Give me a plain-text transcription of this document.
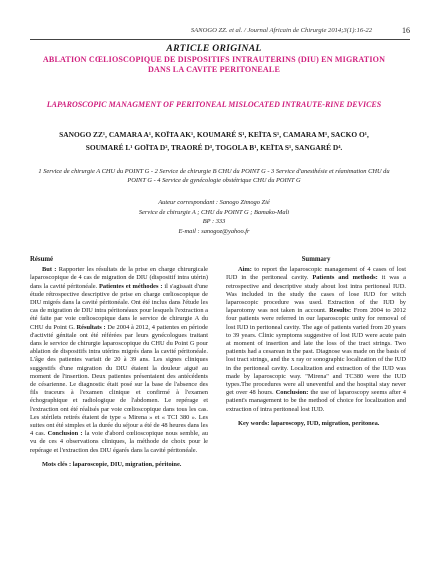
SANOGO ZZ. et al. / Journal Africain de Chirurgie 2014;3(1):16-22	16
ARTICLE ORIGINAL
ABLATION CŒLIOSCOPIQUE DE DISPOSITIFS INTRAUTERINS (DIU) EN MIGRATION DANS LA CAVITE PERITONEALE
LAPAROSCOPIC MANAGMENT OF PERITONEAL MISLOCATED INTRAUTE-RINE DEVICES
SANOGO ZZ¹, CAMARA A¹, KOÏTA AK¹, KOUMARÉ S¹, KEÏTA S¹, CAMARA M¹, SACKO O¹,
SOUMARÉ L¹ GOÏTA D², TRAORÉ D³, TOGOLA B¹, KEÏTA S¹, SANGARÉ D⁴.
1 Service de chirurgie A CHU du POINT G - 2 Service de chirurgie B CHU du POINT G - 3 Service d'anesthésie et réanimation CHU du POINT G - 4 Service de gynécologie obstétrique CHU du POINT G
Auteur correspondant : Sanogo Zimogo Zié
Service de chirurgie A ; CHU du POINT G ; Bamako-Mali
BP : 333
E-mail : sanogoz@yahoo.fr
Résumé

But : Rapporter les résultats de la prise en charge chirurgicale laparoscopique de 4 cas de migration de DIU (dispositif intra utérin) dans la cavité péritonéale. Patientes et méthodes : il s'agissait d'une étude rétrospective descriptive de prise en charge cœlioscopique de DIU migrés dans la cavité péritonéale. Ont été inclus dans l'étude les cas de migration de DIU intra péritonéaux pour lesquels l'extraction a été faite par voie cœlioscopique dans le service de chirurgie A du CHU du Point G. Résultats : De 2004 à 2012, 4 patientes en période d'activité génitale ont été référées par leurs gynécologues traitant dans le service de chirurgie laparoscopique du CHU du Point G pour ablation de dispositifs intra utérins migrés dans la cavité péritonéale. L'âge des patientes variait de 20 à 39 ans. Les signes cliniques suggestifs d'une migration du DIU étaient la douleur aiguë au moment de l'insertion. Deux patientes présentaient des antécédents de césarienne. Le diagnostic était posé sur la base de l'absence des fils traceurs à l'examen clinique et confirmé à l'examen échographique et radiologique de l'abdomen. Le repérage et l'extraction ont été réalisés par voie cœlioscopique dans tous les cas. Les stérilets retirés étaient de type « Mirena » et « TCI 380 ». Les suites ont été simples et la durée du séjour a été de 48 heures dans les 4 cas. Conclusion : la voie d'abord cœlioscopique nous semble, au vu de ces 4 observations cliniques, la méthode de choix pour le repérage et l'extraction des DIU égarés dans la cavité péritonéale.

Mots clés : laparoscopie, DIU, migration, péritoine.
Summary

Aim: to report the laparoscopic management of 4 cases of lost IUD in the peritoneal cavity. Patients and methods: it was a retrospective and descriptive study about lost intra peritoneal IUD. Was included in the study the cases of lose IUD for witch laparoscopic procedure was used. Extraction of the IUD by laparotomy was not taken in account. Results: From 2004 to 2012 four patients were referred in our laparoscopic unity for removal of lost IUD in peritoneal cavity. The age of patients varied from 20 years to 39 years. Clinic symptoms suggestive of lost IUD were acute pain at moment of insertion and late the loss of the tract strings. Two patients had a cesarean in the past. Diagnose was made on the basis of lost tract strings, and the x ray or sonographic localization of the IUD in the peritoneal cavity. Localization and extraction of the IUD was made by laparoscopic way. "Mirena" and TC380 were the IUD types.The procedures were all uneventful and the hospital stay never get over 48 hours. Conclusion: the use of laparoscopy seems after 4 patient's management to be the method of choice for localization and extraction of intra peritoneal lost IUD.

Key words: laparoscopy, IUD, migration, peritonea.
